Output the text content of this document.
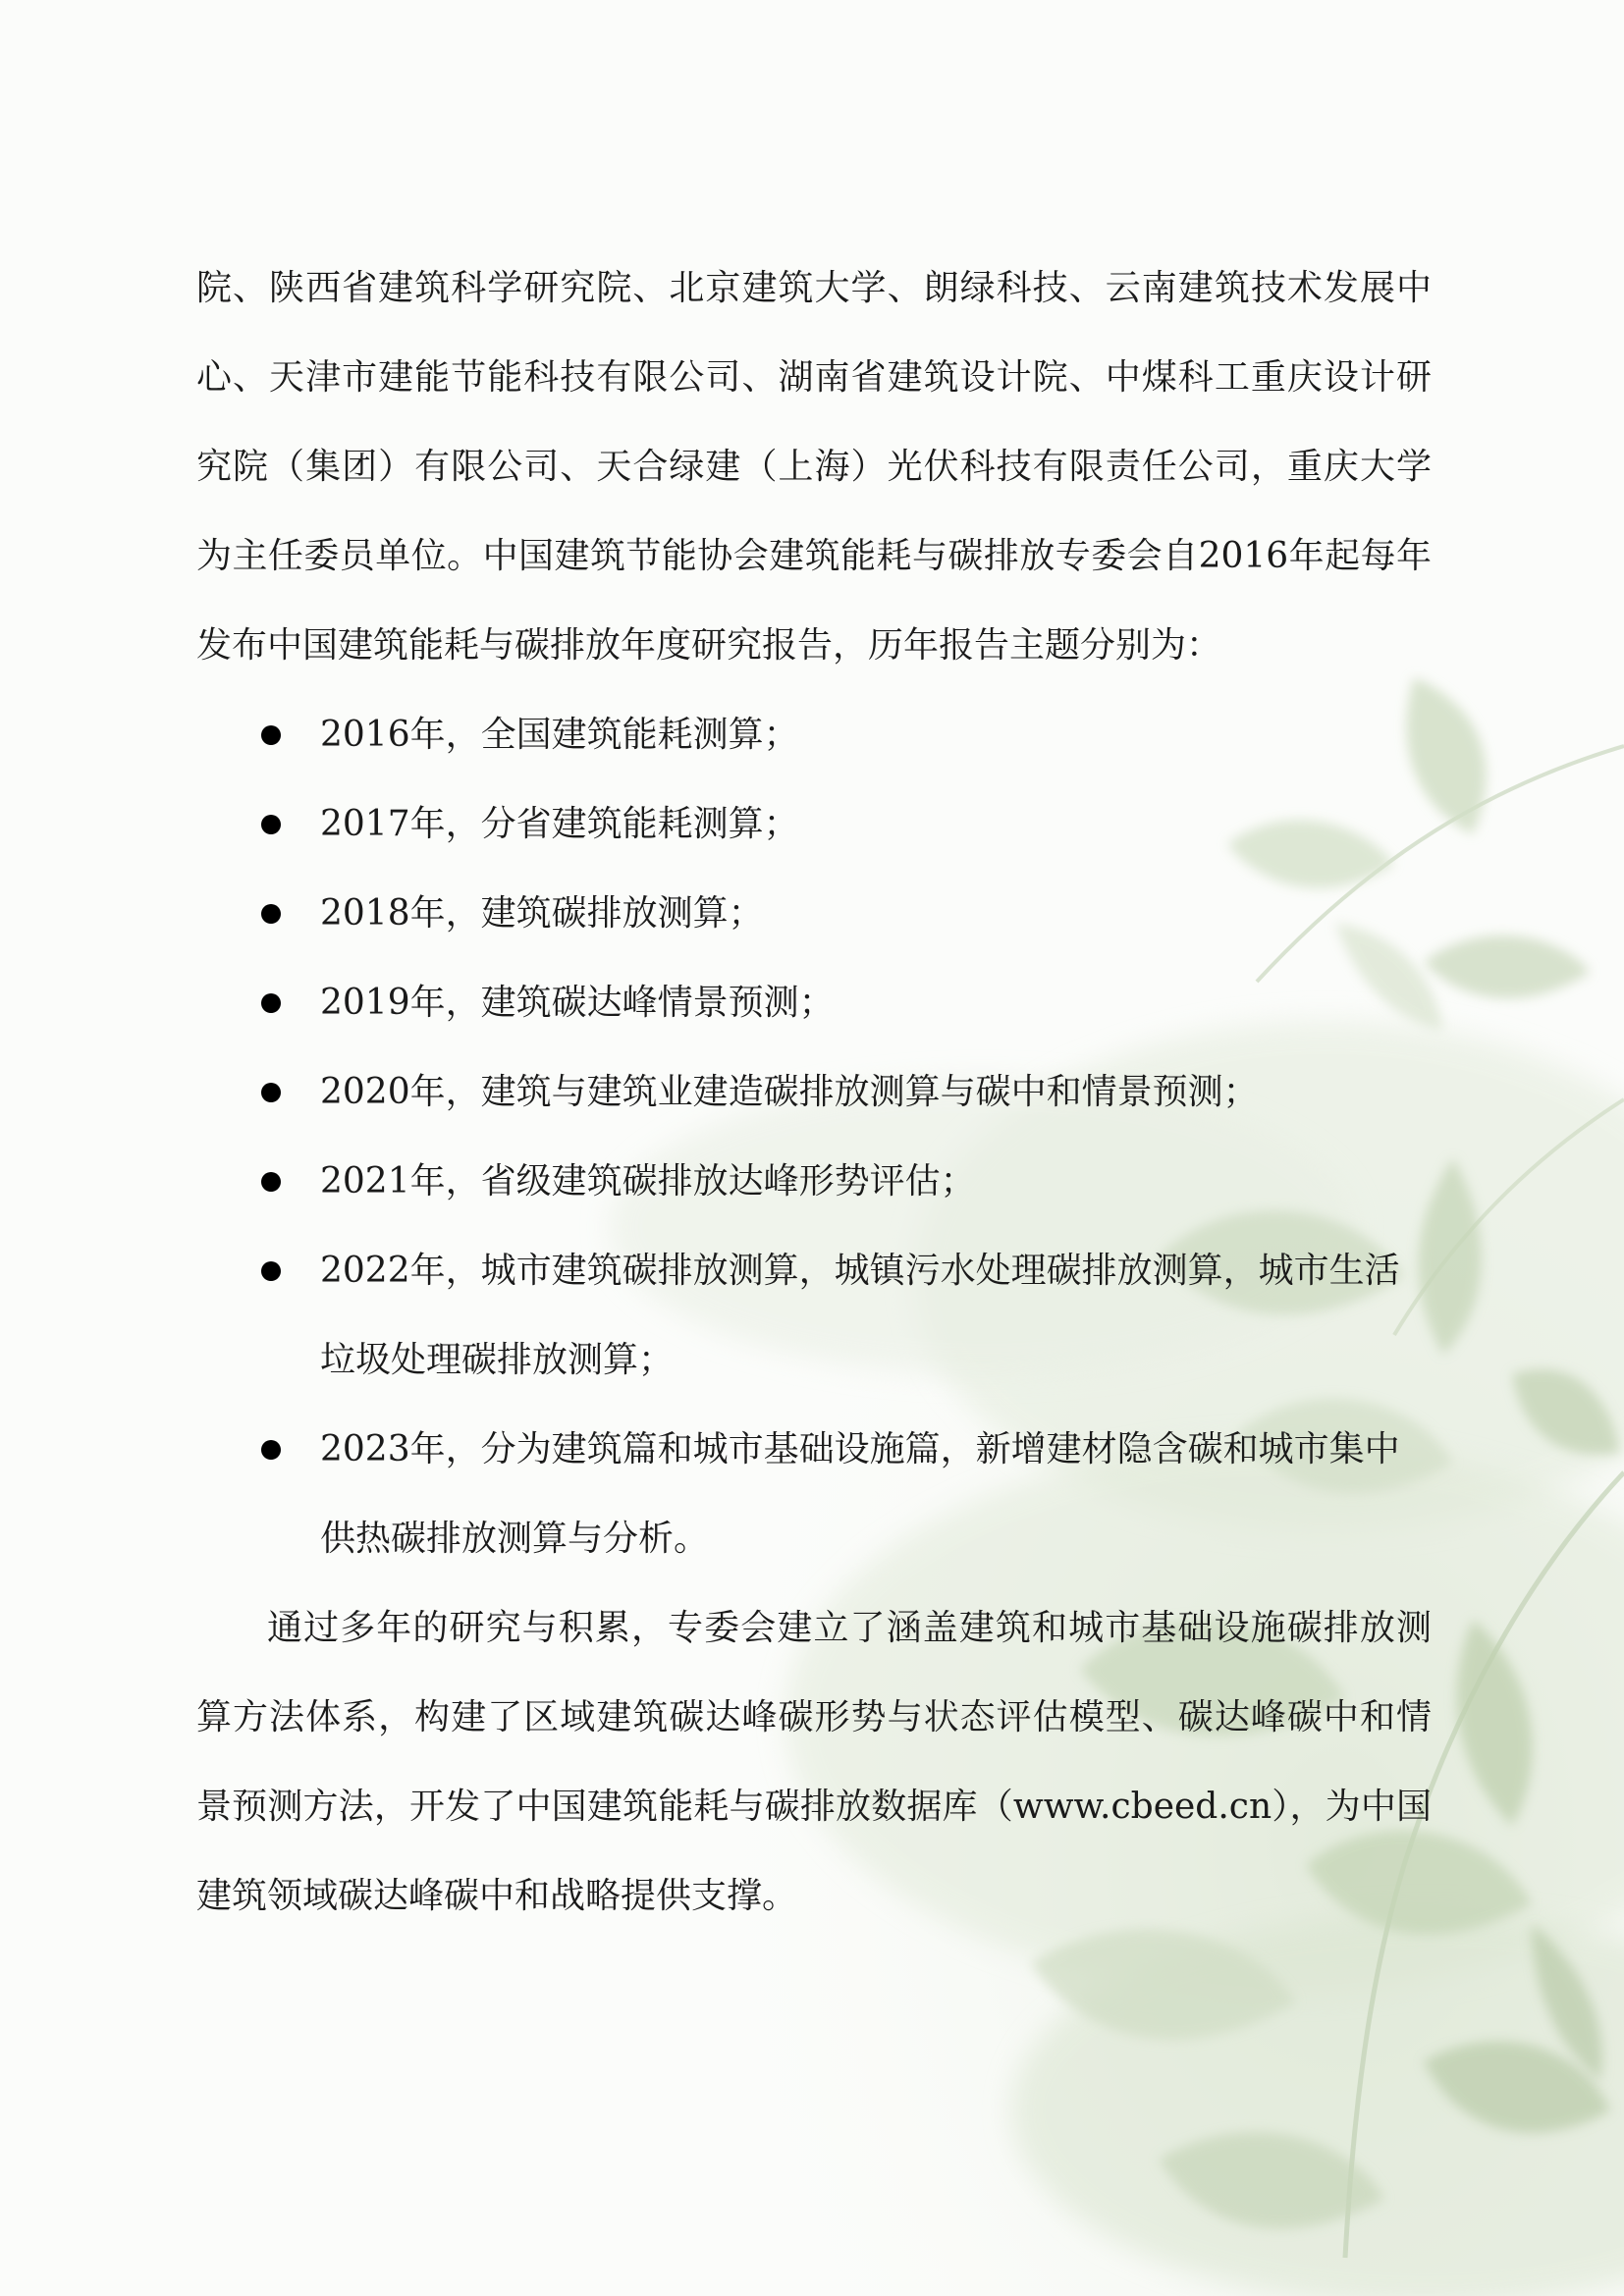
院、陕西省建筑科学研究院、北京建筑大学、朗绿科技、云南建筑技术发展中心、天津市建能节能科技有限公司、湖南省建筑设计院、中煤科工重庆设计研究院（集团）有限公司、天合绿建（上海）光伏科技有限责任公司，重庆大学为主任委员单位。中国建筑节能协会建筑能耗与碳排放专委会自2016年起每年发布中国建筑能耗与碳排放年度研究报告，历年报告主题分别为：

2016年，全国建筑能耗测算；
2017年，分省建筑能耗测算；
2018年，建筑碳排放测算；
2019年，建筑碳达峰情景预测；
2020年，建筑与建筑业建造碳排放测算与碳中和情景预测；
2021年，省级建筑碳排放达峰形势评估；
2022年，城市建筑碳排放测算，城镇污水处理碳排放测算，城市生活垃圾处理碳排放测算；
2023年，分为建筑篇和城市基础设施篇，新增建材隐含碳和城市集中供热碳排放测算与分析。

通过多年的研究与积累，专委会建立了涵盖建筑和城市基础设施碳排放测算方法体系，构建了区域建筑碳达峰碳形势与状态评估模型、碳达峰碳中和情景预测方法，开发了中国建筑能耗与碳排放数据库（www.cbeed.cn），为中国建筑领域碳达峰碳中和战略提供支撑。
